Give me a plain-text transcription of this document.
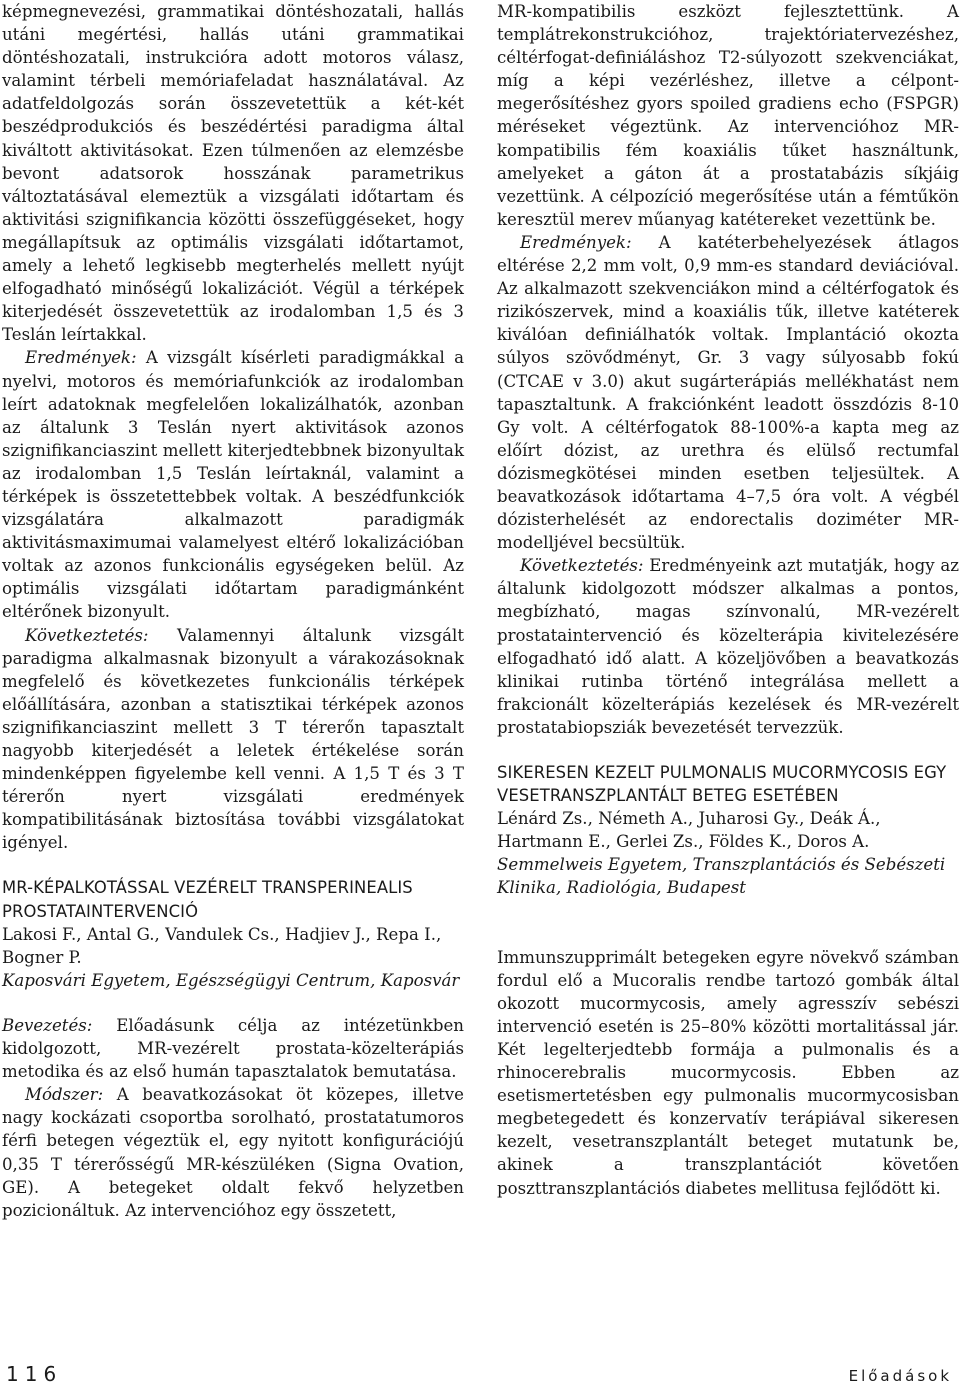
képmegnevezési, grammatikai döntéshozatali, hallás utáni megértési, hallás utáni grammatikai döntéshozatali, instrukcióra adott motoros válasz, valamint térbeli memóriafeladat használatával. Az adatfeldolgozás során összevetettük a két-két beszédprodukciós és beszédértési paradigma által kiváltott aktivitásokat. Ezen túlmenően az elemzésbe bevont adatsorok hosszának parametrikus változtatásával elemeztük a vizsgálati időtartam és aktivitási szignifikancia közötti összefüggéseket, hogy megállapítsuk az optimális vizsgálati időtartamot, amely a lehető legkisebb megterhelés mellett nyújt elfogadható minőségű lokalizációt. Végül a térképek kiterjedését összevetettük az irodalomban 1,5 és 3 Teslán leírtakkal.

Eredmények: A vizsgált kísérleti paradigmákkal a nyelvi, motoros és memóriafunkciók az irodalomban leírt adatoknak megfelelően lokalizálhatók, azonban az általunk 3 Teslán nyert aktivitások azonos szignifikanciaszint mellett kiterjedtebbnek bizonyultak az irodalomban 1,5 Teslán leírtaknál, valamint a térképek is összetettebbek voltak. A beszédfunkciók vizsgálatára alkalmazott paradigmák aktivitásmaximumai valamelyest eltérő lokalizációban voltak az azonos funkcionális egységeken belül. Az optimális vizsgálati időtartam paradigmánként eltérőnek bizonyult.

Következtetés: Valamennyi általunk vizsgált paradigma alkalmasnak bizonyult a várakozásoknak megfelelő és következetes funkcionális térképek előállítására, azonban a statisztikai térképek azonos szignifikanciaszint mellett 3 T térerőn tapasztalt nagyobb kiterjedését a leletek értékelése során mindenképpen figyelembe kell venni. A 1,5 T és 3 T térerőn nyert vizsgálati eredmények kompatibilitásának biztosítása további vizsgálatokat igényel.

MR-KÉPALKOTÁSSAL VEZÉRELT TRANSPERINEALIS PROSTATAINTERVENCIÓ

Lakosi F., Antal G., Vandulek Cs., Hadjiev J., Repa I., Bogner P.

Kaposvári Egyetem, Egészségügyi Centrum, Kaposvár

Bevezetés: Előadásunk célja az intézetünkben kidolgozott, MR-vezérelt prostata-közelterápiás metodika és az első humán tapasztalatok bemutatása.

Módszer: A beavatkozásokat öt közepes, illetve nagy kockázati csoportba sorolható, prostatatumoros férfi betegen végeztük el, egy nyitott konfigurációjú 0,35 T térerősségű MR-készüléken (Signa Ovation, GE). A betegeket oldalt fekvő helyzetben pozicionáltuk. Az intervencióhoz egy összetett,

MR-kompatibilis eszközt fejlesztettünk. A templátrekonstrukcióhoz, trajektóriatervezéshez, céltérfogat-definiáláshoz T2-súlyozott szekvenciákat, míg a képi vezérléshez, illetve a célpont-megerősítéshez gyors spoiled gradiens echo (FSPGR) méréseket végeztünk. Az intervencióhoz MR-kompatibilis fém koaxiális tűket használtunk, amelyeket a gáton át a prostatabázis síkjáig vezettünk. A célpozíció megerősítése után a fémtűkön keresztül merev műanyag katétereket vezettünk be.

Eredmények: A katéterbehelyezések átlagos eltérése 2,2 mm volt, 0,9 mm-es standard deviációval. Az alkalmazott szekvenciákon mind a céltérfogatok és rizikószervek, mind a koaxiális tűk, illetve katéterek kiválóan definiálhatók voltak. Implantáció okozta súlyos szövődményt, Gr. 3 vagy súlyosabb fokú (CTCAE v 3.0) akut sugárterápiás mellékhatást nem tapasztaltunk. A frakciónként leadott összdózis 8-10 Gy volt. A céltérfogatok 88-100%-a kapta meg az előírt dózist, az urethra és elülső rectumfal dózismegkötései minden esetben teljesültek. A beavatkozások időtartama 4–7,5 óra volt. A végbél dózisterhelését az endorectalis doziméter MR-modelljével becsültük.

Következtetés: Eredményeink azt mutatják, hogy az általunk kidolgozott módszer alkalmas a pontos, megbízható, magas színvonalú, MR-vezérelt prostataintervenció és közelterápia kivitelezésére elfogadható idő alatt. A közeljövőben a beavatkozás klinikai rutinba történő integrálása mellett a frakcionált közelterápiás kezelések és MR-vezérelt prostatabiopsziák bevezetését tervezzük.

SIKERESEN KEZELT PULMONALIS MUCORMYCOSIS EGY VESETRANSZPLANTÁLT BETEG ESETÉBEN

Lénárd Zs., Németh A., Juharosi Gy., Deák Á., Hartmann E., Gerlei Zs., Földes K., Doros A.

Semmelweis Egyetem, Transzplantációs és Sebészeti Klinika, Radiológia, Budapest

Immunszupprimált betegeken egyre növekvő számban fordul elő a Mucoralis rendbe tartozó gombák által okozott mucormycosis, amely agresszív sebészi intervenció esetén is 25–80% közötti mortalitással jár. Két legelterjedtebb formája a pulmonalis és a rhinocerebralis mucormycosis. Ebben az esetismertetésben egy pulmonalis mucormycosisban megbetegedett és konzervatív terápiával sikeresen kezelt, vesetranszplantált beteget mutatunk be, akinek a transzplantációt követően poszttranszplantációs diabetes mellitusa fejlődött ki.

116	Előadások
